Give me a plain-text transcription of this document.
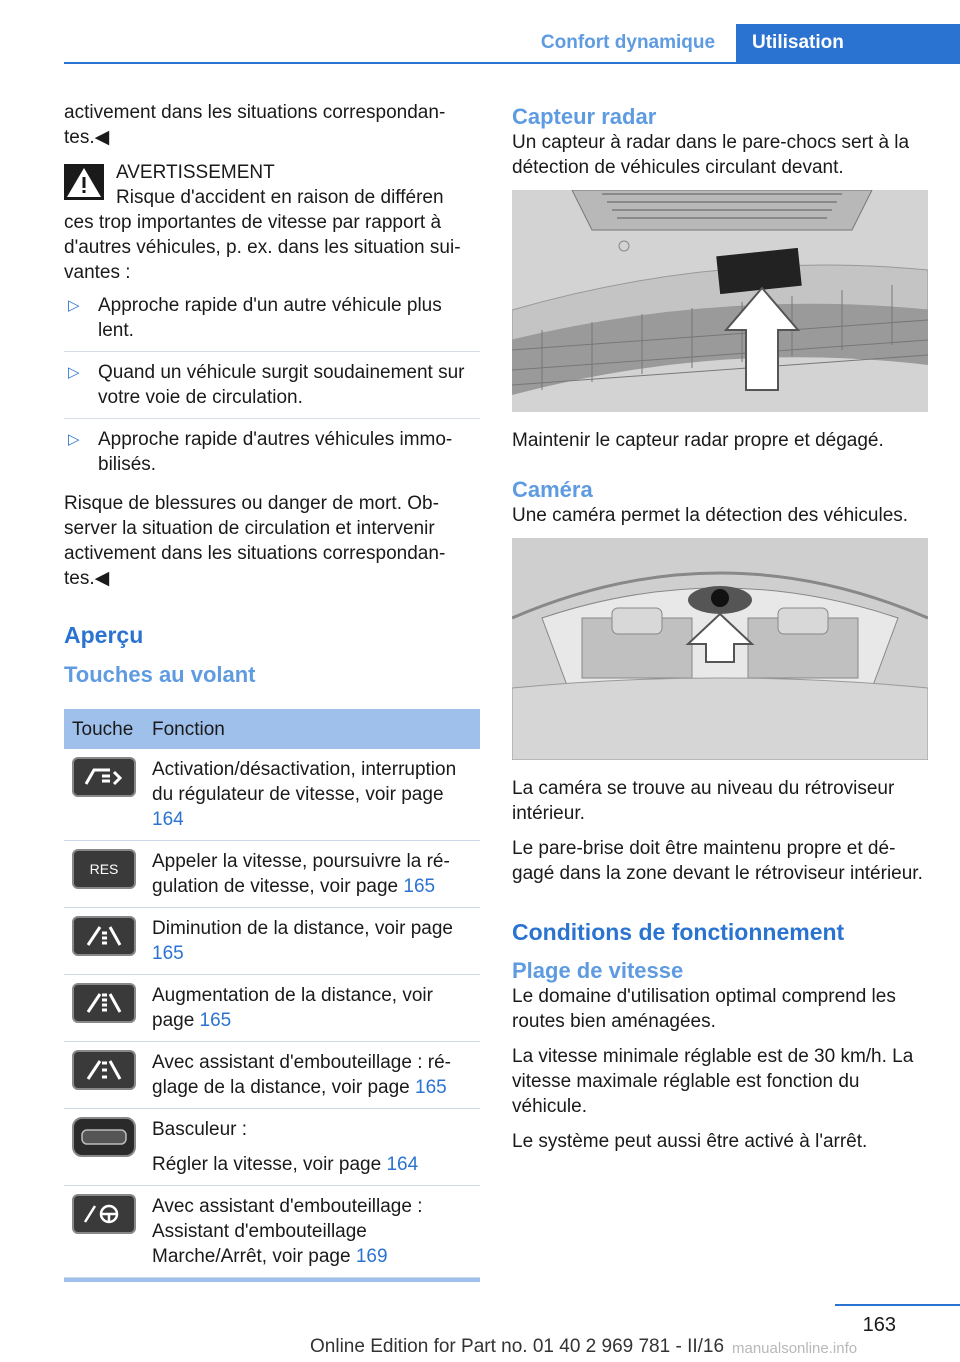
Confort dynamique	Utilisation

activement dans les situations correspondantes.◀

AVERTISSEMENT
Risque d'accident en raison de différen
ces trop importantes de vitesse par rapport à d'autres véhicules, p. ex. dans les situation suivantes :
▷ Approche rapide d'un autre véhicule plus lent.
▷ Quand un véhicule surgit soudainement sur votre voie de circulation.
▷ Approche rapide d'autres véhicules immobilisés.

Risque de blessures ou danger de mort. Observer la situation de circulation et intervenir activement dans les situations correspondantes.◀

Aperçu
Touches au volant
Touche	Fonction

	Activation/désactivation, interruption du régulateur de vitesse, voir page 164

RES	Appeler la vitesse, poursuivre la régulation de vitesse, voir page 165

	Diminution de la distance, voir page 165

	Augmentation de la distance, voir page 165

	Avec assistant d'embouteillage : réglage de la distance, voir page 165

Basculeur :
Régler la vitesse, voir page 164

	Avec assistant d'embouteillage : Assistant d'embouteillage Marche/Arrêt, voir page 169
Capteur radar

Un capteur à radar dans le pare-chocs sert à la détection de véhicules circulant devant.

Maintenir le capteur radar propre et dégagé.

Caméra

Une caméra permet la détection des véhicules.

La caméra se trouve au niveau du rétroviseur intérieur.

Le pare-brise doit être maintenu propre et dégagé dans la zone devant le rétroviseur intérieur.

Conditions de fonctionnement
Plage de vitesse

Le domaine d'utilisation optimal comprend les routes bien aménagées.

La vitesse minimale réglable est de 30 km/h. La vitesse maximale réglable est fonction du véhicule.

Le système peut aussi être activé à l'arrêt.

163
Online Edition for Part no. 01 40 2 969 781 - II/16 manualsonline.info
